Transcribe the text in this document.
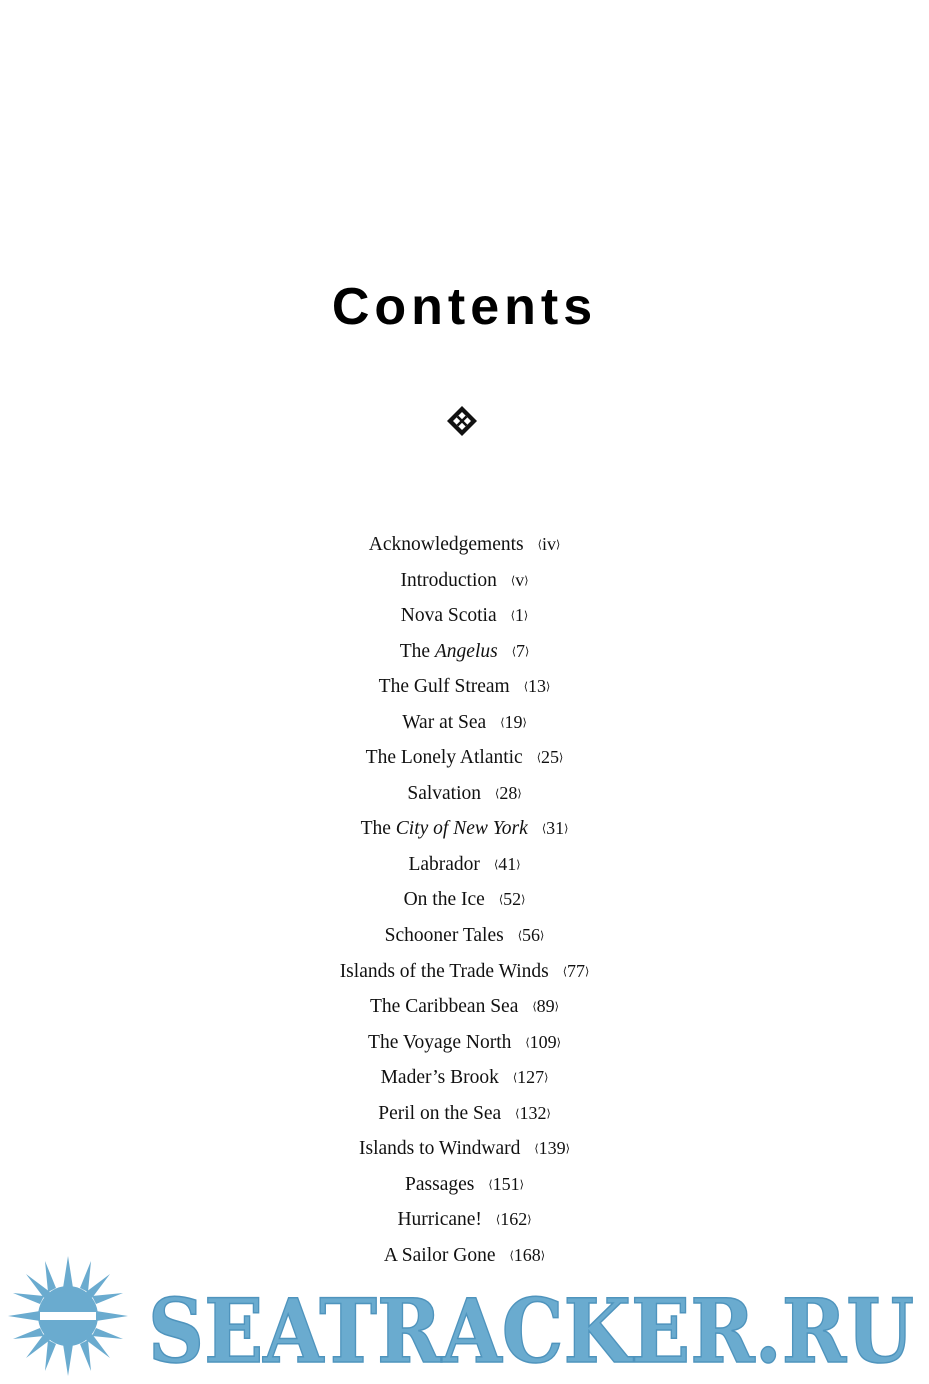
Contents
Acknowledgements ⟨iv⟩
Introduction ⟨v⟩
Nova Scotia ⟨1⟩
The Angelus ⟨7⟩
The Gulf Stream ⟨13⟩
War at Sea ⟨19⟩
The Lonely Atlantic ⟨25⟩
Salvation ⟨28⟩
The City of New York ⟨31⟩
Labrador ⟨41⟩
On the Ice ⟨52⟩
Schooner Tales ⟨56⟩
Islands of the Trade Winds ⟨77⟩
The Caribbean Sea ⟨89⟩
The Voyage North ⟨109⟩
Mader’s Brook ⟨127⟩
Peril on the Sea ⟨132⟩
Islands to Windward ⟨139⟩
Passages ⟨151⟩
Hurricane! ⟨162⟩
A Sailor Gone ⟨168⟩
SEATRACKER.RU
